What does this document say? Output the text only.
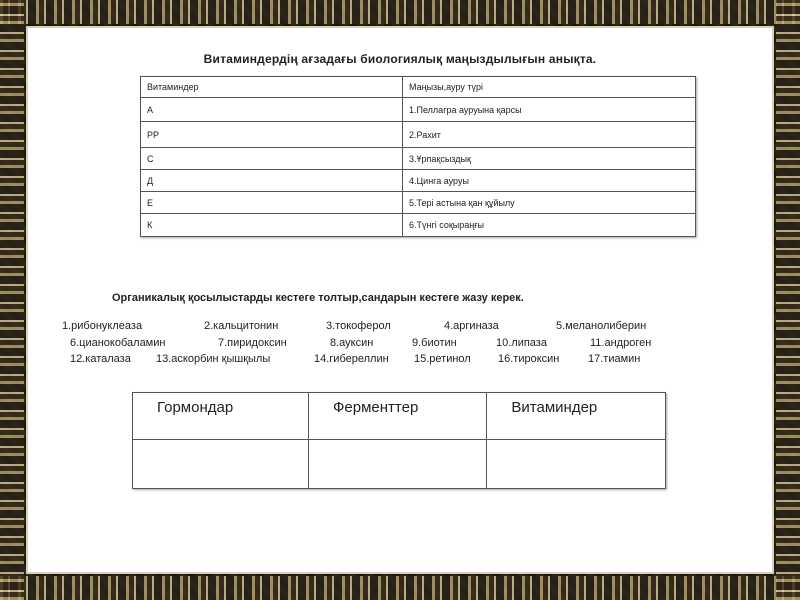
Витаминдердің ағзадағы биологиялық маңыздылығын анықта.
Витаминдер	Маңызы,ауру түрі
А	1.Пеллагра ауруына қарсы
РР	2.Рахит
С	3.Ұрпақсыздық
Д	4.Цинга ауруы
Е	5.Тері астына қан құйылу
К	6.Түнгі соқыраңғы
Органикалық қосылыстарды кестеге толтыр,сандарын кестеге жазу керек.
1.рибонуклеаза	2.кальцитонин	3.токоферол	4.аргиназа	5.меланолиберин
6.цианокобаламин	7.пиридоксин	8.ауксин	9.биотин	10.липаза	11.андроген
12.каталаза 13.аскорбин қышқылы	14.гибереллин 15.ретинол 16.тироксин	17.тиамин
Гормондар	Ферменттер	Витаминдер
